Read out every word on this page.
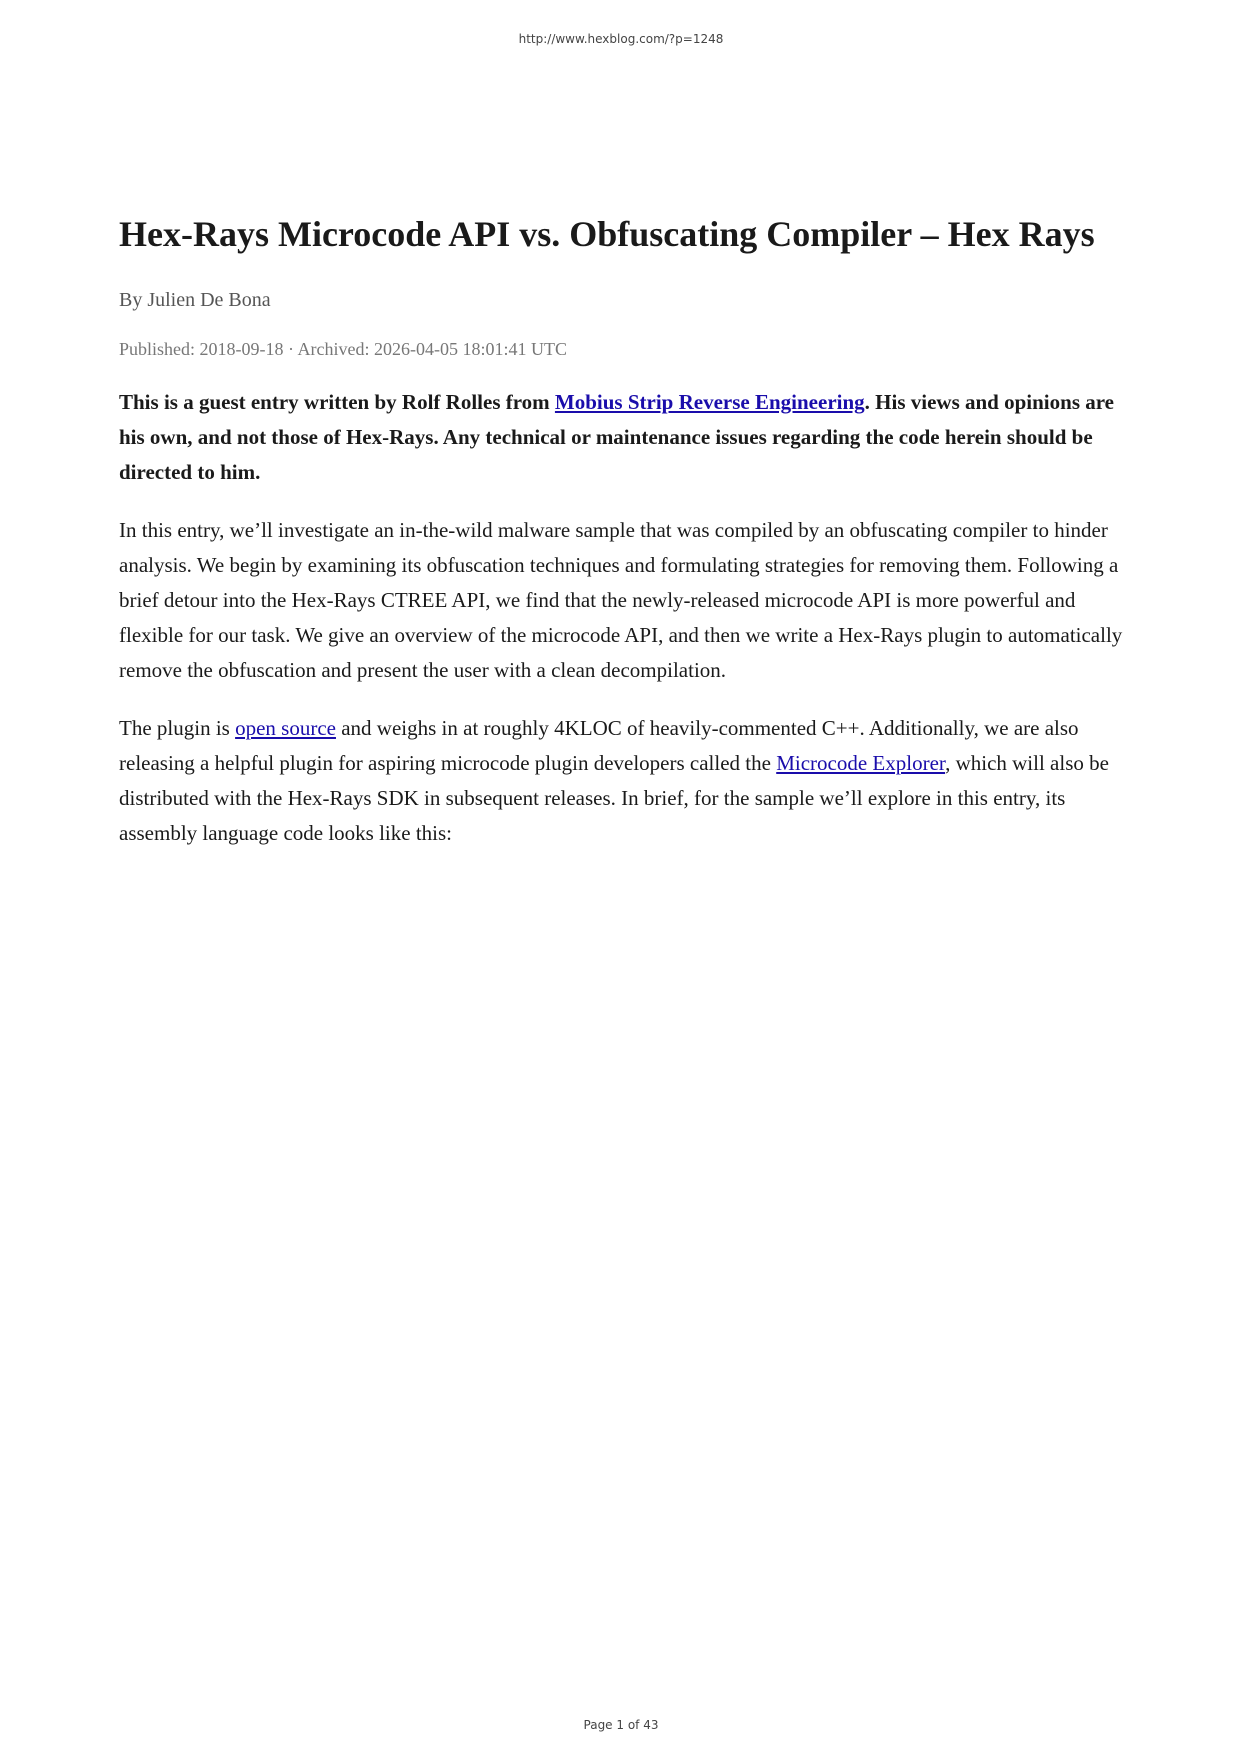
http://www.hexblog.com/?p=1248
Hex-Rays Microcode API vs. Obfuscating Compiler – Hex Rays
By Julien De Bona
Published: 2018-09-18 · Archived: 2026-04-05 18:01:41 UTC

This is a guest entry written by Rolf Rolles from Mobius Strip Reverse Engineering. His views and opinions are his own, and not those of Hex-Rays. Any technical or maintenance issues regarding the code herein should be directed to him.

In this entry, we’ll investigate an in-the-wild malware sample that was compiled by an obfuscating compiler to hinder analysis. We begin by examining its obfuscation techniques and formulating strategies for removing them. Following a brief detour into the Hex-Rays CTREE API, we find that the newly-released microcode API is more powerful and flexible for our task. We give an overview of the microcode API, and then we write a Hex-Rays plugin to automatically remove the obfuscation and present the user with a clean decompilation.

The plugin is open source and weighs in at roughly 4KLOC of heavily-commented C++. Additionally, we are also releasing a helpful plugin for aspiring microcode plugin developers called the Microcode Explorer, which will also be distributed with the Hex-Rays SDK in subsequent releases. In brief, for the sample we’ll explore in this entry, its assembly language code looks like this:

Page 1 of 43
